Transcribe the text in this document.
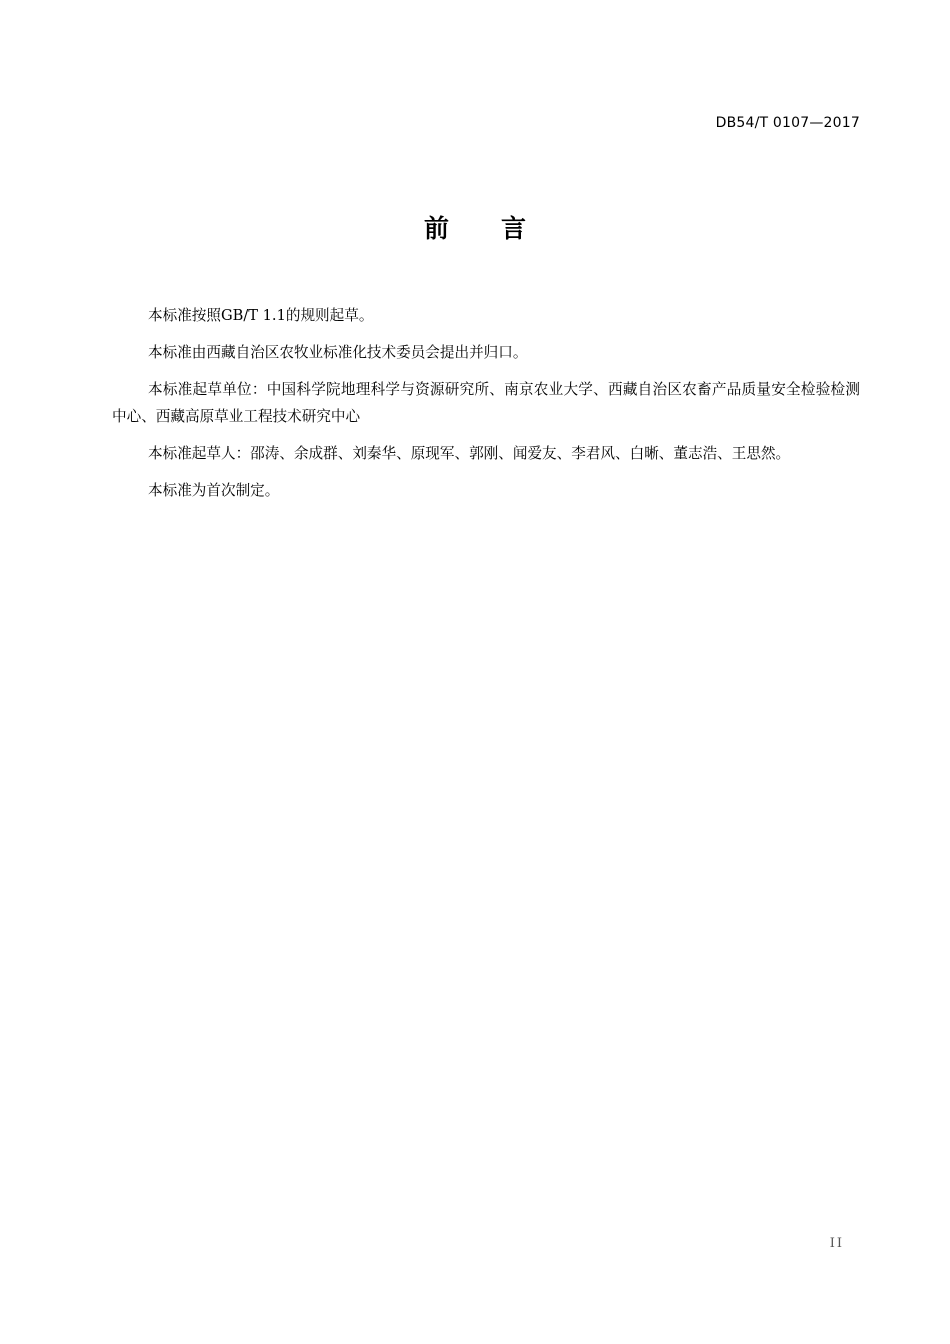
DB54/T 0107—2017
前 言

本标准按照GB/T 1.1的规则起草。

本标准由西藏自治区农牧业标准化技术委员会提出并归口。

本标准起草单位：中国科学院地理科学与资源研究所、南京农业大学、西藏自治区农畜产品质量安全检验检测中心、西藏高原草业工程技术研究中心

本标准起草人：邵涛、余成群、刘秦华、原现军、郭刚、闻爱友、李君风、白晰、董志浩、王思然。

本标准为首次制定。

II
